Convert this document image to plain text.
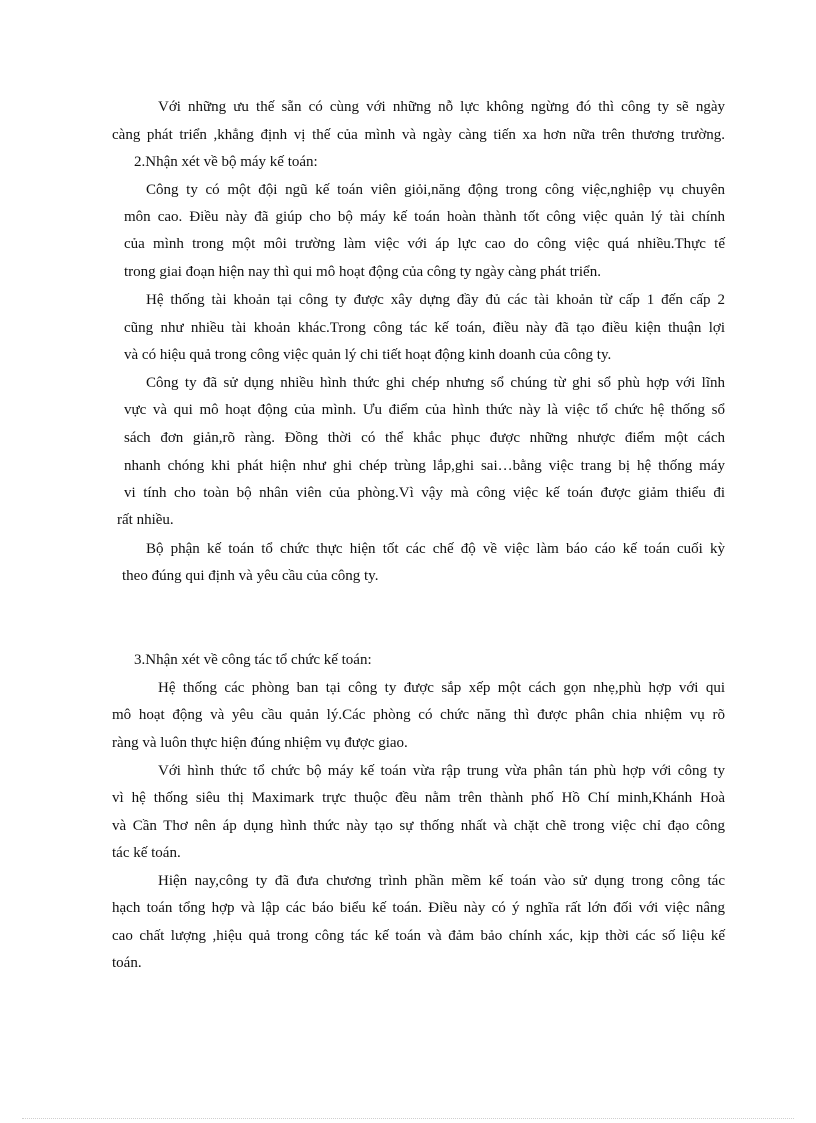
Với những ưu thế sẵn có cùng với những nỗ lực không ngừng đó thì công ty sẽ ngày

càng phát triển ,khẳng định vị thế của mình và ngày càng tiến xa hơn nữa trên thương trường.

2.Nhận xét về bộ máy kế toán:

Công ty có một đội ngũ kế toán viên giỏi,năng động trong công việc,nghiệp vụ chuyên

môn cao. Điều này đã giúp cho bộ máy kế toán hoàn thành tốt công việc quản lý tài chính

của mình trong một môi trường làm việc với áp lực cao do công việc quá nhiều.Thực tế

trong giai đoạn hiện nay thì qui mô hoạt động của công ty ngày càng phát triển.

Hệ thống tài khoản tại công ty được xây dựng đầy đủ các tài khoản từ cấp 1 đến cấp 2

cũng như nhiều tài khoản khác.Trong công tác kế toán, điều này đã tạo điều kiện thuận lợi

và có hiệu quả trong công việc quản lý chi tiết hoạt động kinh doanh của công ty.

Công ty đã sử dụng nhiều hình thức ghi chép nhưng sổ chúng từ ghi sổ phù hợp với lĩnh

vực và qui mô hoạt động của mình. Ưu điểm của hình thức này là việc tổ chức hệ thống sổ

sách đơn giản,rõ ràng. Đồng thời có thể khắc phục được những nhược điểm một cách

nhanh chóng khi phát hiện như ghi chép trùng lắp,ghi sai…bằng việc trang bị hệ thống máy

vi tính cho toàn bộ nhân viên của phòng.Vì vậy mà công việc kế toán được giảm thiểu đi

rất nhiều.

Bộ phận kế toán tổ chức thực hiện tốt các chế độ về việc làm báo cáo kế toán cuối kỳ

theo đúng qui định và yêu cầu của công ty.

3.Nhận xét về công tác tổ chức kế toán:

Hệ thống các phòng ban tại công ty được sắp xếp một cách gọn nhẹ,phù hợp với qui

mô hoạt động và yêu cầu quản lý.Các phòng có chức năng thì được phân chia nhiệm vụ rõ

ràng và luôn thực hiện đúng nhiệm vụ được giao.

Với hình thức tổ chức bộ máy kế toán vừa rập trung vừa phân tán phù hợp với công ty

vì hệ thống siêu thị Maximark trực thuộc đều nằm trên thành phố Hồ Chí minh,Khánh Hoà

và Cần Thơ nên áp dụng hình thức này tạo sự thống nhất và chặt chẽ trong việc chỉ đạo công

tác kế toán.

Hiện nay,công ty đã đưa chương trình phần mềm kế toán vào sử dụng trong công tác

hạch toán tổng hợp và lập các báo biểu kế toán. Điều này có ý nghĩa rất lớn đối với việc nâng

cao chất lượng ,hiệu quả trong công tác kế toán và đảm bảo chính xác, kịp thời các số liệu kế

toán.
